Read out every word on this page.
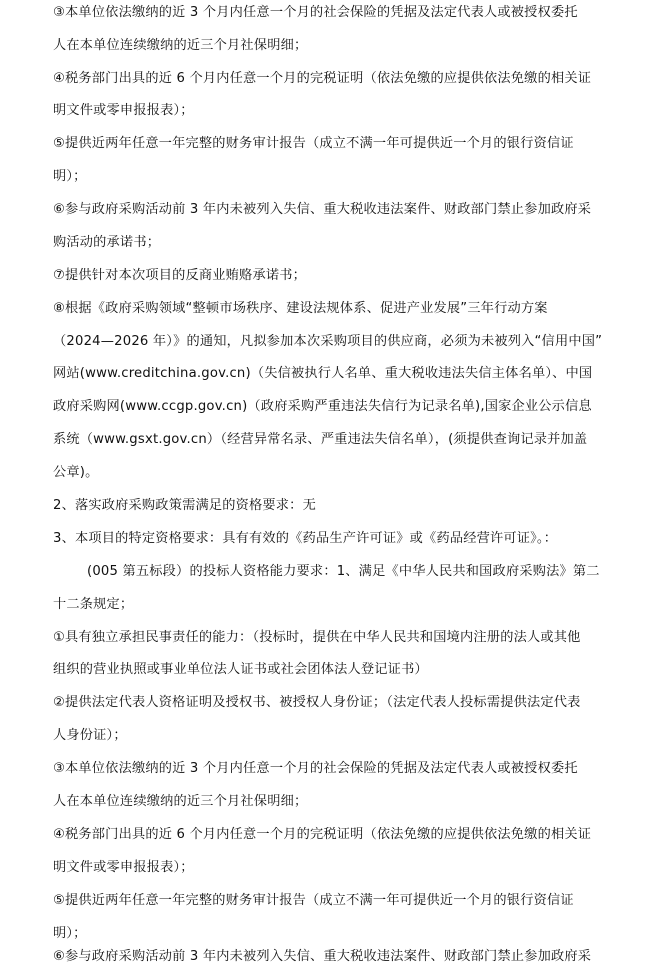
③本单位依法缴纳的近 3 个月内任意一个月的社会保险的凭据及法定代表人或被授权委托
人在本单位连续缴纳的近三个月社保明细；
④税务部门出具的近 6 个月内任意一个月的完税证明（依法免缴的应提供依法免缴的相关证
明文件或零申报报表）；
⑤提供近两年任意一年完整的财务审计报告（成立不满一年可提供近一个月的银行资信证
明）；
⑥参与政府采购活动前 3 年内未被列入失信、重大税收违法案件、财政部门禁止参加政府采
购活动的承诺书；
⑦提供针对本次项目的反商业贿赂承诺书；
⑧根据《政府采购领域“整顿市场秩序、建设法规体系、促进产业发展”三年行动方案
（2024—2026 年）》的通知，凡拟参加本次采购项目的供应商，必须为未被列入“信用中国”
网站(www.creditchina.gov.cn)（失信被执行人名单、重大税收违法失信主体名单）、中国
政府采购网(www.ccgp.gov.cn)（政府采购严重违法失信行为记录名单),国家企业公示信息
系统（www.gsxt.gov.cn）（经营异常名录、严重违法失信名单），(须提供查询记录并加盖
公章)。
2、落实政府采购政策需满足的资格要求：无
3、本项目的特定资格要求：具有有效的《药品生产许可证》或《药品经营许可证》。：
(005 第五标段）的投标人资格能力要求：1、满足《中华人民共和国政府采购法》第二
十二条规定；
①具有独立承担民事责任的能力：（投标时，提供在中华人民共和国境内注册的法人或其他
组织的营业执照或事业单位法人证书或社会团体法人登记证书）
②提供法定代表人资格证明及授权书、被授权人身份证；（法定代表人投标需提供法定代表
人身份证）；
③本单位依法缴纳的近 3 个月内任意一个月的社会保险的凭据及法定代表人或被授权委托
人在本单位连续缴纳的近三个月社保明细；
④税务部门出具的近 6 个月内任意一个月的完税证明（依法免缴的应提供依法免缴的相关证
明文件或零申报报表）；
⑤提供近两年任意一年完整的财务审计报告（成立不满一年可提供近一个月的银行资信证
明）；
⑥参与政府采购活动前 3 年内未被列入失信、重大税收违法案件、财政部门禁止参加政府采
